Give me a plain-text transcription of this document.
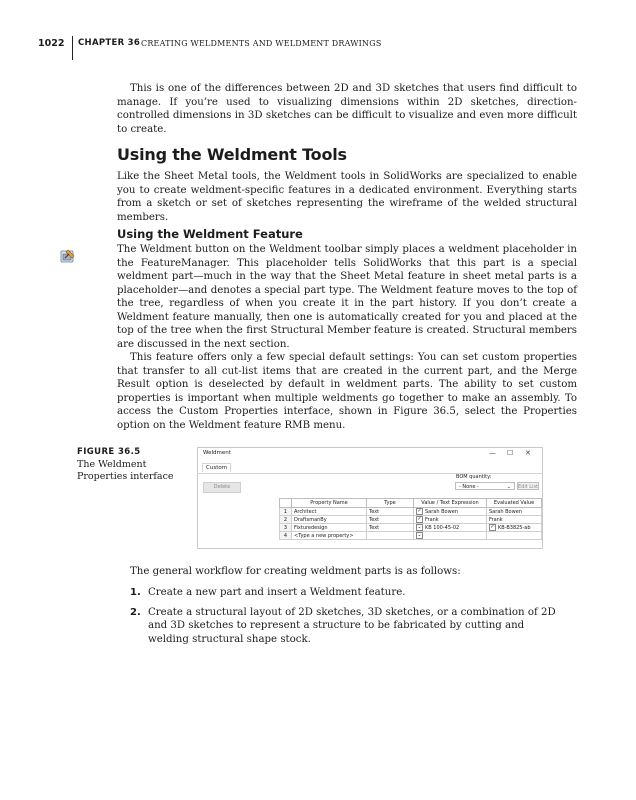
1022 CHAPTER 36 CREATING WELDMENTS AND WELDMENT DRAWINGS

This is one of the differences between 2D and 3D sketches that users find difficult to manage. If you’re used to visualizing dimensions within 2D sketches, direction-controlled dimensions in 3D sketches can be difficult to visualize and even more difficult to create.

Using the Weldment Tools

Like the Sheet Metal tools, the Weldment tools in SolidWorks are specialized to enable you to create weldment-specific features in a dedicated environment. Everything starts from a sketch or set of sketches representing the wireframe of the welded structural members.

Using the Weldment Feature

The Weldment button on the Weldment toolbar simply places a weldment placeholder in the FeatureManager. This placeholder tells SolidWorks that this part is a special weldment part—much in the way that the Sheet Metal feature in sheet metal parts is a placeholder—and denotes a special part type. The Weldment feature moves to the top of the tree, regardless of when you create it in the part history. If you don’t create a Weldment feature manually, then one is automatically created for you and placed at the top of the tree when the first Structural Member feature is created. Structural members are discussed in the next section.

This feature offers only a few special default settings: You can set custom properties that transfer to all cut-list items that are created in the current part, and the Merge Result option is deselected by default in weldment parts. The ability to set custom properties is important when multiple weldments go together to make an assembly. To access the Custom Properties interface, shown in Figure 36.5, select the Properties option on the Weldment feature RMB menu.

FIGURE 36.5
The Weldment Properties interface
Weldment	— ☐ ✕
Custom
Delete
BOM quantity:
- None -	⌄ Edit List
	Property Name	Type	Value / Text Expression	Evaluated Value
1	Architect	Text	✓ Sarah Bowen	Sarah Bowen
2	DraftsmanBy	Text	✓ Frank	Frank
3	Fixturedesign	Text	⌄ KB 100-45-02	✓ KB-B3825-ab
4	<Type a new property>		⌄	
The general workflow for creating weldment parts is as follows:
1. Create a new part and insert a Weldment feature.
2. Create a structural layout of 2D sketches, 3D sketches, or a combination of 2D and 3D sketches to represent a structure to be fabricated by cutting and welding structural shape stock.
